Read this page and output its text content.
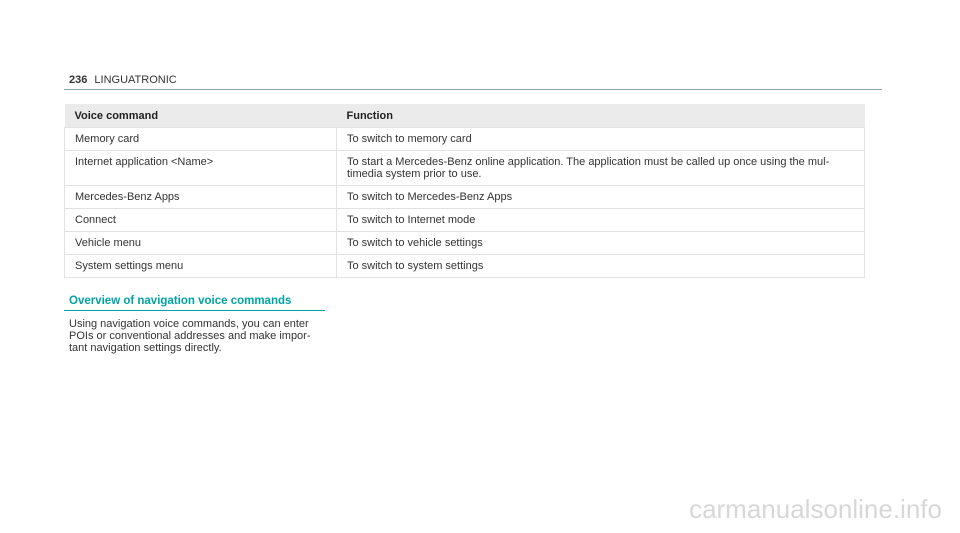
236 LINGUATRONIC
Voice command	Function
Memory card	To switch to memory card
Internet application <Name>	To start a Mercedes-Benz online application. The application must be called up once using the mul- timedia system prior to use.
Mercedes-Benz Apps	To switch to Mercedes-Benz Apps
Connect	To switch to Internet mode
Vehicle menu	To switch to vehicle settings
System settings menu	To switch to system settings
Overview of navigation voice commands
Using navigation voice commands, you can enter
POIs or conventional addresses and make impor-
tant navigation settings directly.
carmanualsonline.info
